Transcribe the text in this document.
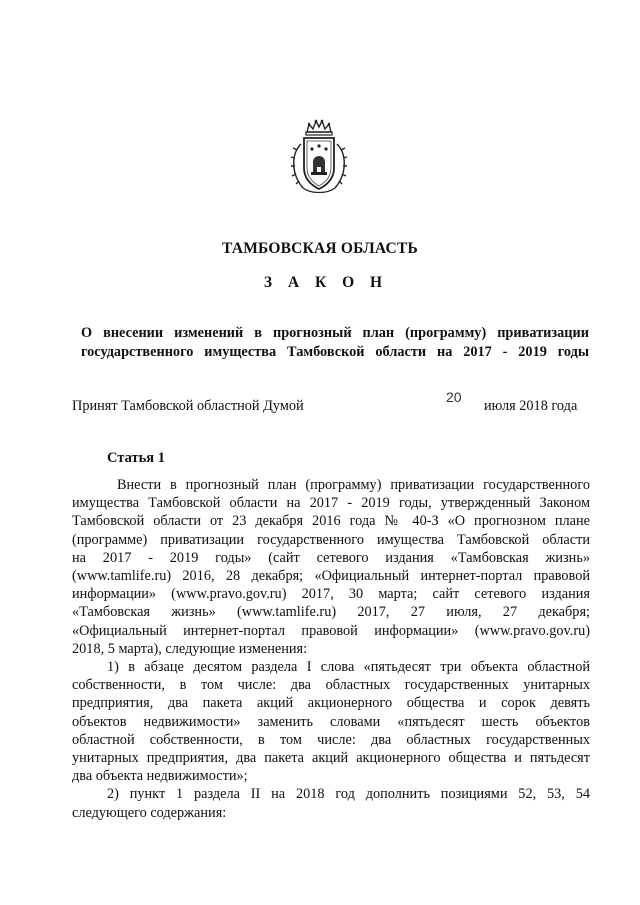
ТАМБОВСКАЯ ОБЛАСТЬ
З А К О Н
О внесении изменений в прогнозный план (программу) приватизации
государственного имущества Тамбовской области на 2017 - 2019 годы
Принят Тамбовской областной Думой
20
июля 2018 года
Статья 1

Внести в прогнозный план (программу) приватизации государственного
имущества Тамбовской области на 2017 - 2019 годы, утвержденный Законом
Тамбовской области от 23 декабря 2016 года № 40-З «О прогнозном плане
(программе) приватизации государственного имущества Тамбовской области
на 2017 - 2019 годы» (сайт сетевого издания «Тамбовская жизнь»
(www.tamlife.ru) 2016, 28 декабря; «Официальный интернет-портал правовой
информации» (www.pravo.gov.ru) 2017, 30 марта; сайт сетевого издания
«Тамбовская жизнь» (www.tamlife.ru) 2017, 27 июля, 27 декабря;
«Официальный интернет-портал правовой информации» (www.pravo.gov.ru)
2018, 5 марта), следующие изменения:

1) в абзаце десятом раздела I слова «пятьдесят три объекта областной
собственности, в том числе: два областных государственных унитарных
предприятия, два пакета акций акционерного общества и сорок девять
объектов недвижимости» заменить словами «пятьдесят шесть объектов
областной собственности, в том числе: два областных государственных
унитарных предприятия, два пакета акций акционерного общества и пятьдесят
два объекта недвижимости»;

2) пункт 1 раздела II на 2018 год дополнить позициями 52, 53, 54
следующего содержания:
